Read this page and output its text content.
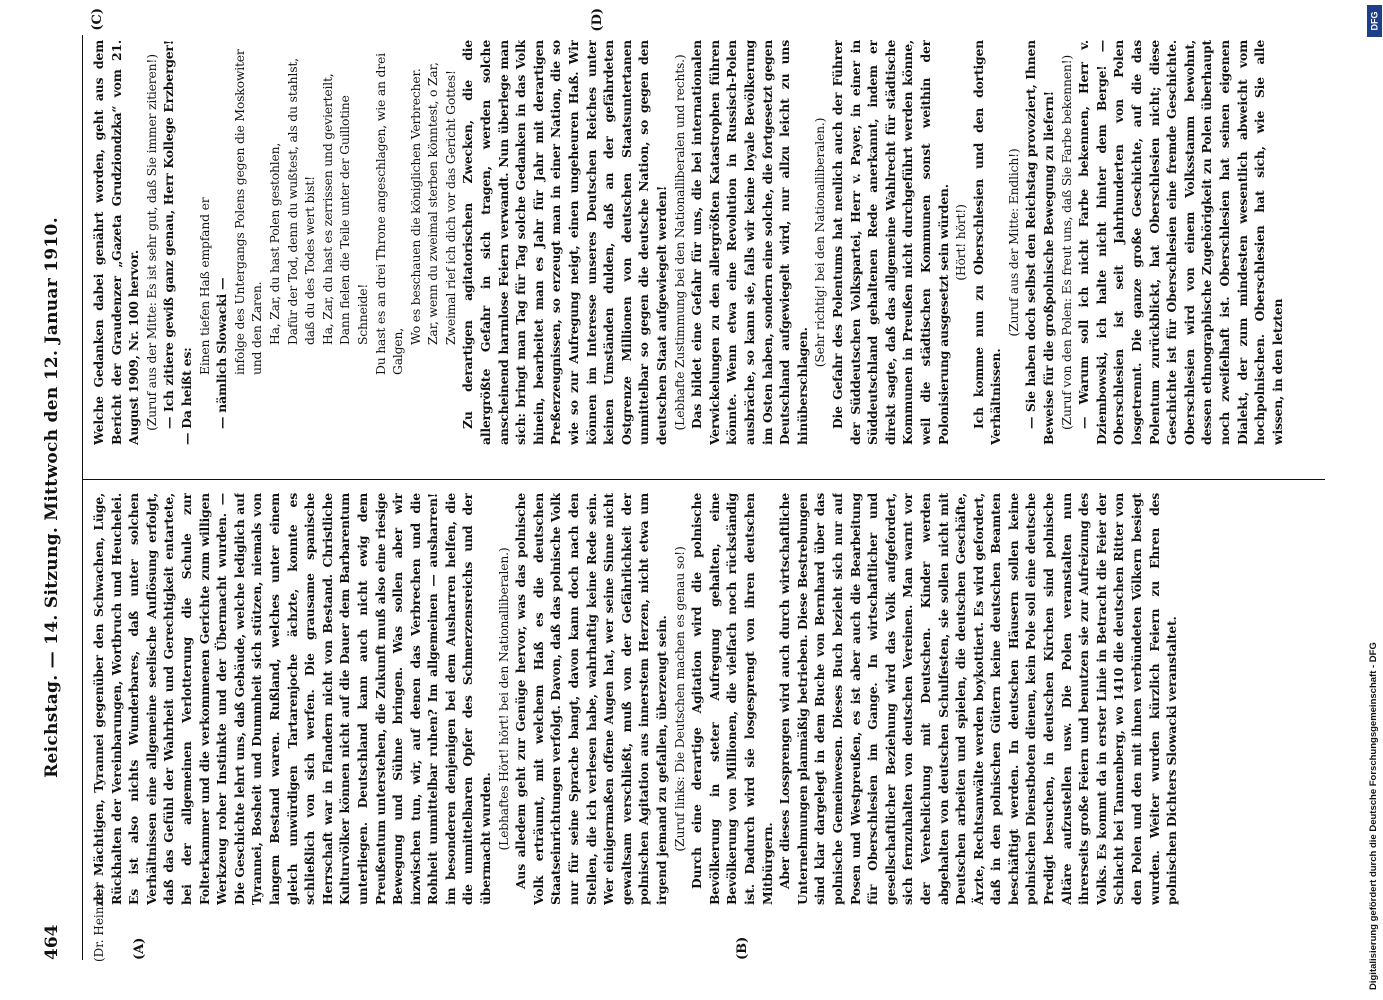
464
Reichstag. — 14. Sitzung. Mittwoch den 12. Januar 1910.
(Dr. Heinze.) (A)	(B)
(C)	(D)

der Mächtigen, Tyrannei gegenüber den Schwachen, Lüge, Rückhalten der Vereinbarungen, Wortbruch und Heuchelei. Es ist also nichts Wunderbares, daß unter solchen Verhältnissen eine allgemeine seelische Auflösung erfolgt, daß das Gefühl der Wahrheit und Gerechtigkeit entartete, bei der allgemeinen Verlotterung die Schule zur Folterkammer und die verkommenen Gerichte zum willigen Werkzeug roher Instinkte und der Übermacht wurden. — Die Geschichte lehrt uns, daß Gebäude, welche lediglich auf Tyrannei, Bosheit und Dummheit sich stützen, niemals von langem Bestand waren. Rußland, welches unter einem gleich unwürdigen Tartarenjoche ächzte, konnte es schließlich von sich werfen. Die grausame spanische Herrschaft war in Flandern nicht von Bestand. Christliche Kulturvölker können nicht auf die Dauer dem Barbarentum unterliegen. Deutschland kann auch nicht ewig dem Preußentum unterstehen, die Zukunft muß also eine riesige Bewegung und Sühne bringen. Was sollen aber wir inzwischen tun, wir, auf denen das Verbrechen und die Rohheit unmittelbar ruhen? Im allgemeinen — ausharren! im besonderen denjenigen bei dem Ausharren helfen, die die unmittelbaren Opfer des Schmerzensreichs und der übermacht wurden. (Lebhaftes Hört! hört! bei den Nationalliberalen.) Aus alledem geht zur Genüge hervor, was das polnische Volk erträumt, mit welchem Haß es die deutschen Staatseinrichtungen verfolgt. Davon, daß das polnische Volk nur für seine Sprache bangt, davon kann doch nach den Stellen, die ich verlesen habe, wahrhaftig keine Rede sein. Wer einigermaßen offene Augen hat, wer seine Sinne nicht gewaltsam verschließt, muß von der Gefährlichkeit der polnischen Agitation aus innerstem Herzen, nicht etwa um irgend jemand zu gefallen, überzeugt sein. (Zuruf links: Die Deutschen machen es genau so!) Durch eine derartige Agitation wird die polnische Bevölkerung in steter Aufregung gehalten, eine Bevölkerung von Millionen, die vielfach noch rückständig ist. Dadurch wird sie losgesprengt von ihren deutschen Mitbürgern. Aber dieses Lossprengen wird auch durch wirtschaftliche Unternehmungen planmäßig betrieben. Diese Bestrebungen sind klar dargelegt in dem Buche von Bernhard über das polnische Gemeinwesen. Dieses Buch bezieht sich nur auf Posen und Westpreußen, es ist aber auch die Bearbeitung für Oberschlesien im Gange. In wirtschaftlicher und gesellschaftlicher Beziehung wird das Volk aufgefordert, sich fernzuhalten von deutschen Vereinen. Man warnt vor der Verehelichung mit Deutschen. Kinder werden abgehalten von deutschen Schulfesten, sie sollen nicht mit Deutschen arbeiten und spielen, die deutschen Geschäfte, Ärzte, Rechtsanwälte werden boykottiert. Es wird gefordert, daß in den polnischen Gütern keine deutschen Beamten beschäftigt werden. In deutschen Häusern sollen keine polnischen Dienstboten dienen, kein Pole soll eine deutsche Predigt besuchen, in deutschen Kirchen sind polnische Altäre aufzustellen usw. Die Polen veranstalten nun ihrerseits große Feiern und benutzen sie zur Aufreizung des Volks. Es kommt da in erster Linie in Betracht die Feier der Schlacht bei Tannenberg, wo 1410 die deutschen Ritter von den Polen und den mit ihnen verbündeten Völkern besiegt wurden. Weiter wurden kürzlich Feiern zu Ehren des polnischen Dichters Slowacki veranstaltet.

Welche Gedanken dabei genährt worden, geht aus dem Bericht der Graudenzer „Gazeta Grudziondzka“ vom 21. August 1909, Nr. 100 hervor. (Zuruf aus der Mitte: Es ist sehr gut, daß Sie immer zitieren!) — Ich zitiere gewiß ganz genau, Herr Kollege Erzberger! — Da heißt es:

Einen tiefen Haß empfand er — nämlich Slowacki — infolge des Untergangs Polens gegen die Moskowiter und den Zaren. Ha, Zar, du hast Polen gestohlen, Dafür der Tod, denn du wußtest, als du stahlst, daß du des Todes wert bist! Ha, Zar, du hast es zerrissen und gevierteilt, Dann fielen die Teile unter der Guillotine Schneide! Du hast es an drei Throne angeschlagen, wie an drei Galgen,

Wo es beschauen die königlichen Verbrecher. Zar, wenn du zweimal sterben könntest, o Zar, Zweimal rief ich dich vor das Gericht Gottes! Zu derartigen agitatorischen Zwecken, die die allergrößte Gefahr in sich tragen, werden solche anscheinend harmlose Feiern verwandt. Nun überlege man sich: bringt man Tag für Tag solche Gedanken in das Volk hinein, bearbeitet man es Jahr für Jahr mit derartigen Preßerzeugnissen, so erzeugt man in einer Nation, die so wie so zur Aufregung neigt, einen ungeheuren Haß. Wir können im Interesse unseres Deutschen Reiches unter keinen Umständen dulden, daß an der gefährdeten Ostgrenze Millionen von deutschen Staatsuntertanen unmittelbar so gegen die deutsche Nation, so gegen den deutschen Staat aufgewiegelt werden! (Lebhafte Zustimmung bei den Nationalliberalen und rechts.) Das bildet eine Gefahr für uns, die bei internationalen Verwickelungen zu den allergrößten Katastrophen führen könnte. Wenn etwa eine Revolution in Russisch-Polen ausbräche, so kann sie, falls wir keine loyale Bevölkerung im Osten haben, sondern eine solche, die fortgesetzt gegen Deutschland aufgewiegelt wird, nur allzu leicht zu uns hinüberschlagen.

(Sehr richtig! bei den Nationalliberalen.) Die Gefahr des Polentums hat neulich auch der Führer der Süddeutschen Volkspartei, Herr v. Payer, in einer in Süddeutschland gehaltenen Rede anerkannt, indem er direkt sagte, daß das allgemeine Wahlrecht für städtische Kommunen in Preußen nicht durchgeführt werden könne, weil die städtischen Kommunen sonst weithin der Polonisierung ausgesetzt sein würden. (Hört! hört!) Ich komme nun zu Oberschlesien und den dortigen Verhältnissen.

(Zuruf aus der Mitte: Endlich!) — Sie haben doch selbst den Reichstag provoziert, Ihnen Beweise für die großpolnische Bewegung zu liefern! (Zuruf von den Polen: Es freut uns, daß Sie Farbe bekennen!) — Warum soll ich nicht Farbe bekennen, Herr v. Dziembowski, ich halte nicht hinter dem Berge! — Oberschlesien ist seit Jahrhunderten von Polen losgetrennt. Die ganze große Geschichte, auf die das Polentum zurückblickt, hat Oberschlesien nicht; diese Geschichte ist für Oberschlesien eine fremde Geschichte. Oberschlesien wird von einem Volksstamm bewohnt, dessen ethnographische Zugehörigkeit zu Polen überhaupt noch zweifelhaft ist. Oberschlesien hat seinen eigenen Dialekt, der zum mindesten wesentlich abweicht vom hochpolnischen. Oberschlesien hat sich, wie Sie alle wissen, in den letzten

Digitalisierung gefördert durch die Deutsche Forschungsgemeinschaft - DFG
DFG
